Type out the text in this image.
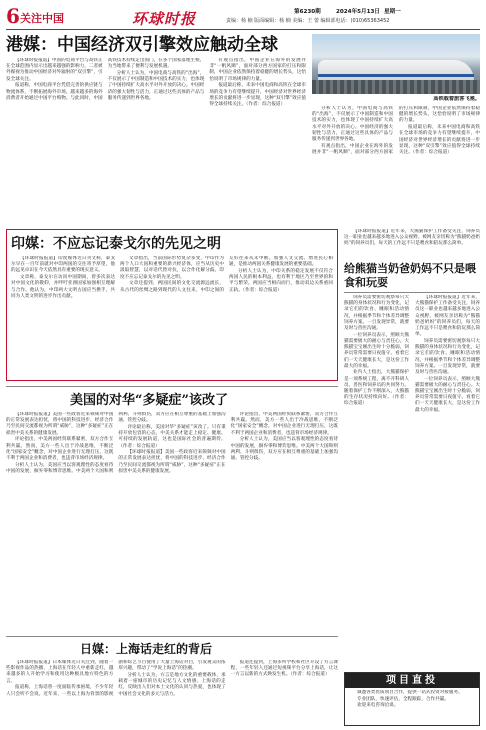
6 关注中国	环球时报	第6230期	2024年5月13日 星期一
责编：杨 楠 版面编辑：杨 楠 美编：王 蕾 编辑部电话：(010)65363452
港媒：中国经济双引擎效应触动全球

【环球时报报道】中国的电商平台与高铁正在全球范围内显示出越来越强的影响力，二者被外媒视为推动中国经济对外辐射的“双引擎”，引发全球关注。

报道称，中国电商平台凭借完善的供应链与物流体系，不断拓展海外市场，越来越多的海外消费者开始通过中国平台购物。与此同时，中国高铁技术持续走出国门，在多个国家落地生根，为当地带来了便利与发展机遇。

分析人士认为，中国电商与高铁的“出海”，不仅展示了中国制造和中国技术的实力，也体现了中国持续扩大高水平对外开放的决心。中国经济的强大韧性与活力，正通过这些具体的产品与服务传递到世界各地。

有观点指出，中国企业在海外的发展并非“一帆风顺”，面对部分西方国家的打压和限制，中国企业依然保持着稳健的增长势头，这恰恰说明了市场规律的力量。

报道最后称，未来中国电商和高铁在全球市场的竞争力有望继续提升，中国经济对世界经济增长的贡献将进一步显现，这种“双引擎”效应值得全球持续关注。（作者：综合报道）

高铁载着旅客飞驰。

分析人士认为，中国电商与高铁的“出海”，不仅展示了中国制造和中国技术的实力，也体现了中国持续扩大高水平对外开放的决心。中国经济的强大韧性与活力，正通过这些具体的产品与服务传递到世界各地。

有观点指出，中国企业在海外的发展并非“一帆风顺”，面对部分西方国家的打压和限制，中国企业依然保持着稳健的增长势头，这恰恰说明了市场规律的力量。

报道最后称，未来中国电商和高铁在全球市场的竞争力有望继续提升，中国经济对世界经济增长的贡献将进一步显现，这种“双引擎”效应值得全球持续关注。（作者：综合报道）

印媒：不应忘记泰戈尔的先见之明

【环球时报报道】印度媒体近日刊文称，泰戈尔早在一百年前就对中印两国的交往寄予厚望，他的远见卓识在今天依然具有重要的现实意义。

文章称，泰戈尔在访问中国期间，曾多次表达对中国文化的敬仰，并呼吁亚洲国家加强相互理解与合作。他认为，中印两大文明古国应当携手，共同为人类文明的进步作出贡献。

文章指出，当前国际形势复杂多变，中印作为两个人口大国和重要的新兴经济体，应当从历史中汲取智慧，以对话代替对抗，以合作化解分歧。印度不应忘记泰戈尔的先见之明。

文章还提到，两国民间的文化交流源远流长，从古代的丝绸之路到现代的人文往来，中印之间的友好往来从未中断。加强人文交流、增进民心相通，是推动两国关系健康发展的重要基础。

分析人士认为，中印关系的稳定发展不仅符合两国人民的根本利益，也有利于地区乃至世界的和平与繁荣。两国应当相向而行，推动双边关系重回正轨。（作者：综合报道）

【环球时报报道】近年来，大熊猫保护工作备受关注，饲养员这一职业也越来越多地进入公众视野。被网友亲切称为“熊猫奶爸奶妈”的饲养员们，每天的工作远不只是喂食和陪玩那么简单。

给熊猫当奶爸奶妈不只是喂食和玩耍

饲养员需要密切观察每只大熊猫的身体状况和行为变化，记录它们的饮食、睡眠和活动情况，并根据季节和个体差异调整饲养方案。一旦发现异常，就要及时与兽医沟通。

一位饲养员表示，照顾大熊猫需要极大的耐心与责任心。大熊猫宝宝刚出生时十分脆弱，饲养员常常需要日夜值守。看着它们一天天健康长大，是这份工作最大的幸福。

业内人士指出，大熊猫保护是一项系统工程，离不开科研人员、兽医和饲养员的共同努力。随着保护工作不断深入，大熊猫的生存状况持续向好。（作者：综合报道）

【环球时报报道】近年来，大熊猫保护工作备受关注，饲养员这一职业也越来越多地进入公众视野。被网友亲切称为“熊猫奶爸奶妈”的饲养员们，每天的工作远不只是喂食和陪玩那么简单。

饲养员需要密切观察每只大熊猫的身体状况和行为变化，记录它们的饮食、睡眠和活动情况，并根据季节和个体差异调整饲养方案。一旦发现异常，就要及时与兽医沟通。

一位饲养员表示，照顾大熊猫需要极大的耐心与责任心。大熊猫宝宝刚出生时十分脆弱，饲养员常常需要日夜值守。看着它们一天天健康长大，是这份工作最大的幸福。

美国的对华“多疑症”该改了

【环球时报报道】美国一些政客近来频频对中国的正常发展表达担忧，将中国的科技进步、经济合作乃至民间交流都视为所谓“威胁”，这种“多疑症”正在损害中美关系的健康发展。

评论指出，中美两国经贸联系紧密，双方合作互利共赢。然而，美方一些人出于冷战思维，不断泛化“国家安全”概念，对中国企业进行无理打压，这既不利于两国企业和消费者，也违背市场经济规律。

分析人士认为，美国应当以客观理性的态度看待中国的发展，摒弃零和博弈思维。中美两个大国和则两利、斗则俱伤，双方应在相互尊重的基础上加强沟通、管控分歧。

评论最后称，美国对华“多疑症”该改了。只有秉持开放包容的心态，中美关系才能走上稳定、健康、可持续的发展轨道，这也是国际社会的普遍期待。（作者：综合报道）

【环球时报报道】美国一些政客近来频频对中国的正常发展表达担忧，将中国的科技进步、经济合作乃至民间交流都视为所谓“威胁”，这种“多疑症”正在损害中美关系的健康发展。

评论指出，中美两国经贸联系紧密，双方合作互利共赢。然而，美方一些人出于冷战思维，不断泛化“国家安全”概念，对中国企业进行无理打压，这既不利于两国企业和消费者，也违背市场经济规律。

分析人士认为，美国应当以客观理性的态度看待中国的发展，摒弃零和博弈思维。中美两个大国和则两利、斗则俱伤，双方应在相互尊重的基础上加强沟通、管控分歧。

日媒：上海话走红的背后

【环球时报报道】日本媒体近日关注到，随着一些影视作品的热播，上海话在年轻人中重新走红，越来越多的人开始学习和使用这种极具地方特色的方言。

报道称，上海话曾一度面临传承困境，不少年轻人只会听不会说。近年来，一些以上海为背景的影视剧和综艺节目使用了大量上海话对白，引发观众的浓厚兴趣，带动了“学说上海话”的热潮。

分析人士认为，方言是地方文化的重要载体，承载着一座城市的历史记忆与人文情感。上海话的走红，反映出人们对本土文化的认同与热爱，也体现了中国社会文化的多元与活力。

报道还提到，上海多所学校和社区开设了方言课程，一些年轻人还通过短视频平台分享上海话，让这一方言以新的方式焕发生机。（作者：综合报道）

项目直投

诚邀各类优质项目合作，提供一站式投资对接服务。

专业团队，快速评估，全程跟踪，合作共赢。

欢迎来电咨询洽谈。
